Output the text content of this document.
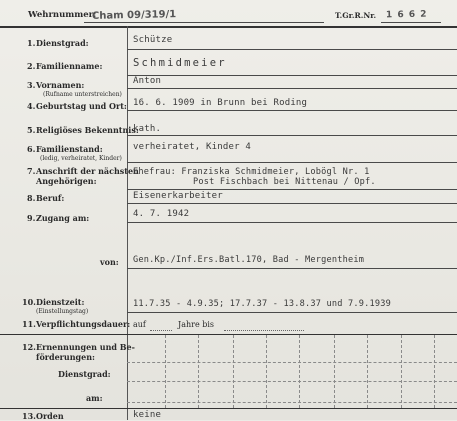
Wehrnummer:
Cham 09/319/1	T.Gr.R.Nr. 1 6 6 2
1. Dienstgrad:	Schütze
2. Familienname:	Schmidmeier
3. Vornamen:
(Rufname unterstreichen)
Anton
4. Geburtstag und Ort: 16. 6. 1909 in Brunn bei Roding
5. Religiöses Bekenntnis:
kath.
6. Familienstand:
(ledig, verheiratet, Kinder)
verheiratet, Kinder 4
7. Anschrift der nächsten
Angehörigen:
Ehefrau: Franziska Schmidmeier, Lobögl Nr. 1
Post Fischbach bei Nittenau / Opf.
8. Beruf:	Eisenerkarbeiter
9. Zugang am:	4. 7. 1942
von: Gen.Kp./Inf.Ers.Batl.170, Bad - Mergentheim
10. Dienstzeit:
(Einstellungstag)
11.7.35 - 4.9.35; 17.7.37 - 13.8.37 und 7.9.1939
11. Verpflichtungsdauer: auf	Jahre bis
12. Ernennungen und Be-
förderungen:
Dienstgrad:
am:
13. Orden	keine
